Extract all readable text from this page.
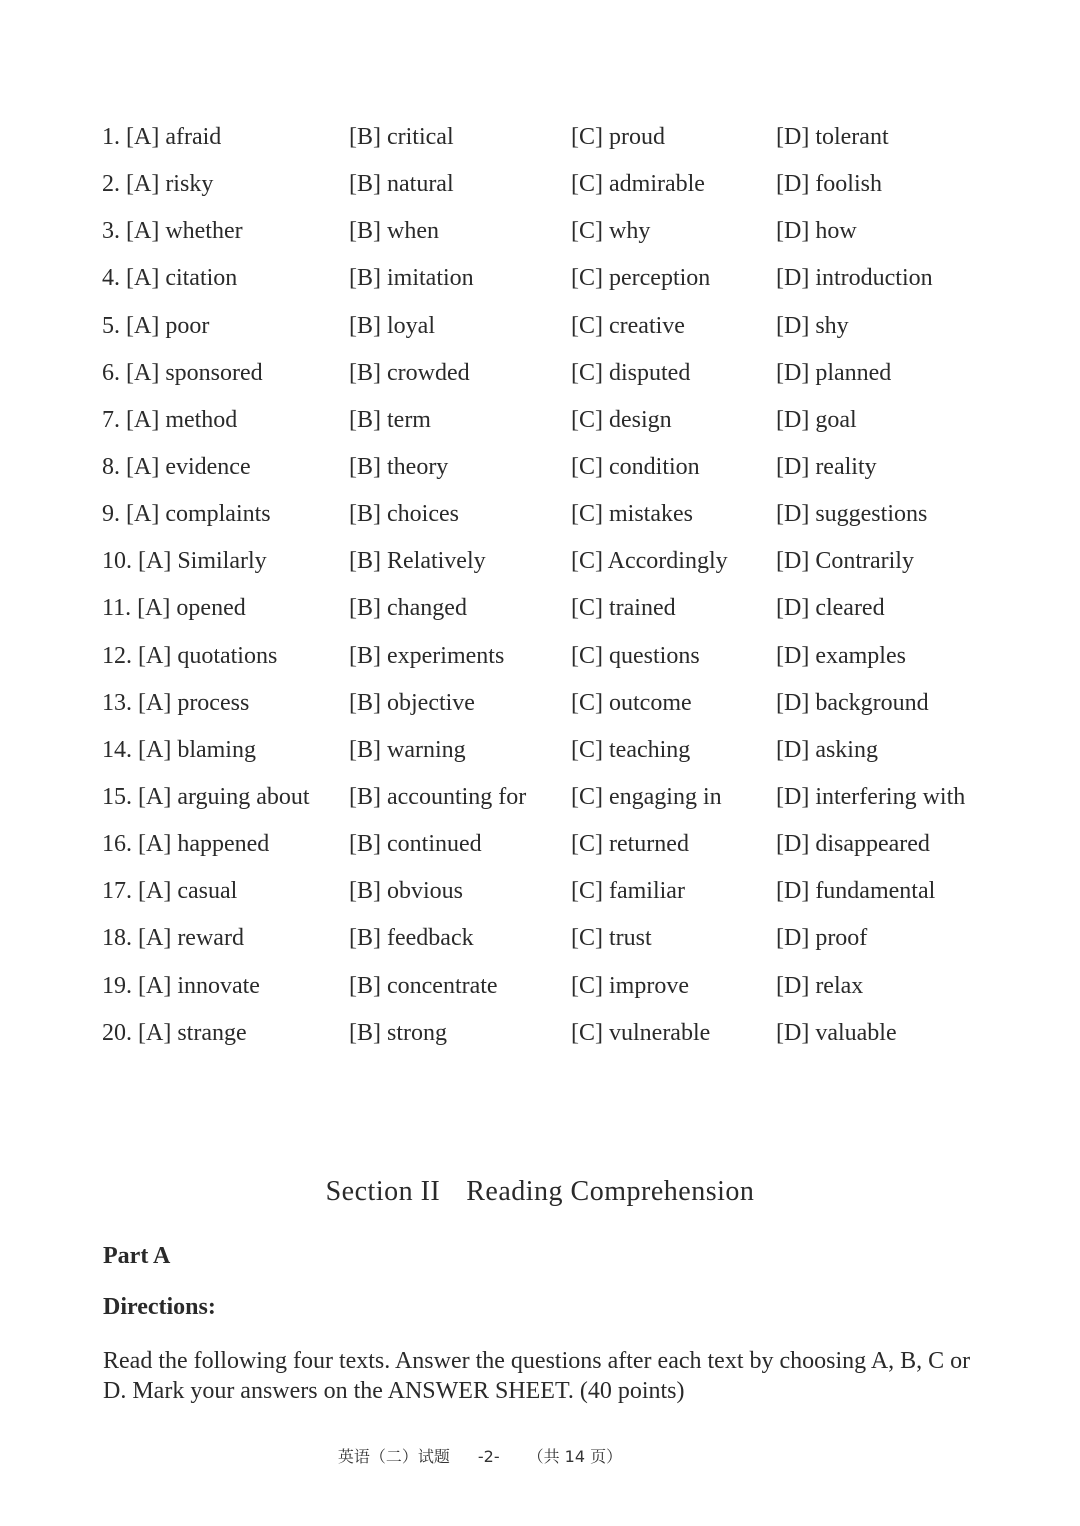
1. [A] afraid	[B] critical	[C] proud	[D] tolerant
2. [A] risky	[B] natural	[C] admirable	[D] foolish
3. [A] whether	[B] when	[C] why	[D] how
4. [A] citation	[B] imitation	[C] perception	[D] introduction
5. [A] poor	[B] loyal	[C] creative	[D] shy
6. [A] sponsored	[B] crowded	[C] disputed	[D] planned
7. [A] method	[B] term	[C] design	[D] goal
8. [A] evidence	[B] theory	[C] condition	[D] reality
9. [A] complaints	[B] choices	[C] mistakes	[D] suggestions
10. [A] Similarly	[B] Relatively	[C] Accordingly [D] Contrarily
11. [A] opened	[B] changed	[C] trained	[D] cleared
12. [A] quotations	[B] experiments	[C] questions	[D] examples
13. [A] process	[B] objective	[C] outcome	[D] background
14. [A] blaming	[B] warning	[C] teaching	[D] asking
15. [A] arguing about [B] accounting for [C] engaging in [D] interfering with
16. [A] happened	[B] continued	[C] returned	[D] disappeared
17. [A] casual	[B] obvious	[C] familiar	[D] fundamental
18. [A] reward	[B] feedback	[C] trust	[D] proof
19. [A] innovate	[B] concentrate	[C] improve	[D] relax
20. [A] strange	[B] strong	[C] vulnerable	[D] valuable
Section II Reading Comprehension
Part A
Directions:
Read the following four texts. Answer the questions after each text by choosing A, B, C or D. Mark your answers on the ANSWER SHEET. (40 points)
英语（二）试题 -2- （共 14 页）
